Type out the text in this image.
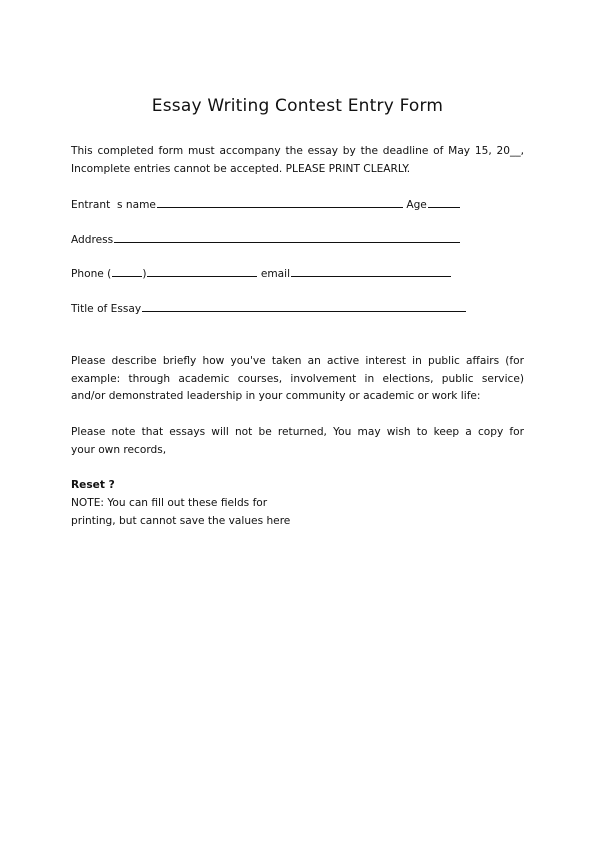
Essay Writing Contest Entry Form
This completed form must accompany the essay by the deadline of May 15, 20__,
Incomplete entries cannot be accepted. PLEASE PRINT CLEARLY.
Entrant  s name	Age
Address
Phone (	)	email
Title of Essay
Please describe briefly how you've taken an active interest in public affairs (for
example: through academic courses, involvement in elections, public service)
and/or demonstrated leadership in your community or academic or work life:
Please note that essays will not be returned, You may wish to keep a copy for
your own records,
Reset ?
NOTE: You can fill out these fields for
printing, but cannot save the values here
